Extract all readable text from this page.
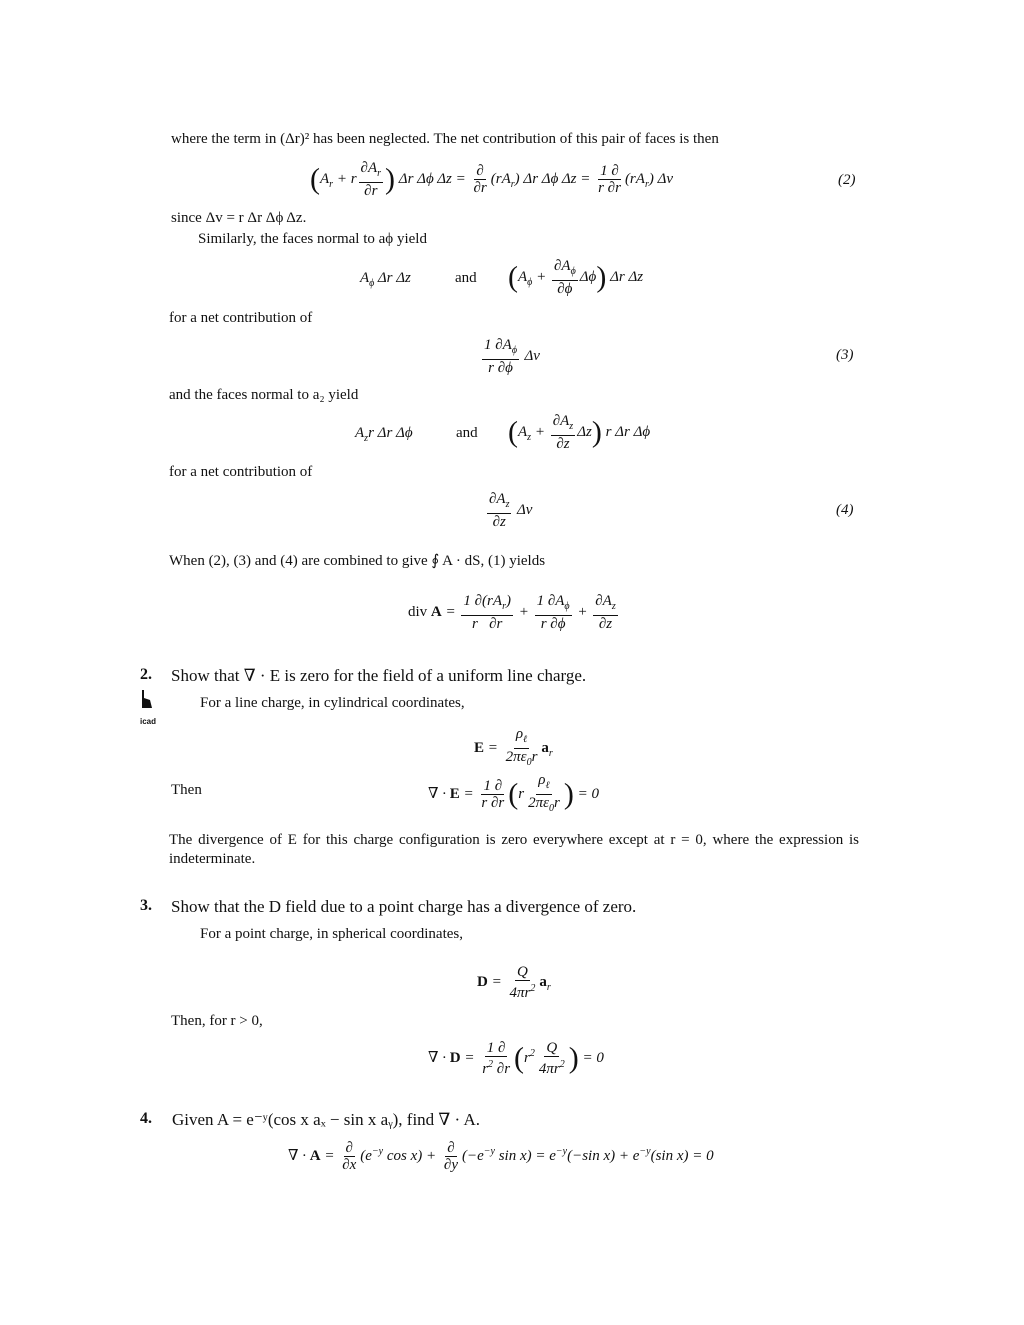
where the term in (Δr)² has been neglected. The net contribution of this pair of faces is then
($A_r + r \frac{\partial A_r}{\partial r}$ ) Δr Δϕ $\Delta z = \frac{\partial}{\partial r} (rA_r)$ Δr Δϕ $\Delta z = \frac{1 \partial}{r \partial r} (rA_r)$ Δv	(2)
since Δv = r Δr Δϕ Δz.
Similarly, the faces normal to aϕ yield
$A_\phi$ Δr Δz	and $(A_\phi + \frac{\partial A_\phi}{\partial\phi} \Delta\phi)$ Δr Δz
for a net contribution of
$\frac{1 \partial A_\phi}{r \partial\phi}$ Δv	(3)
and the faces normal to a₂ yield
$A_zr$ Δr Δϕ	and $(A_z + \frac{\partial A_z}{\partial z} \Delta z)$ r Δr Δϕ
for a net contribution of
$\frac{\partial A_z}{\partial z}$ Δv	(4)
When (2), (3) and (4) are combined to give ∮ A · dS, (1) yields
div $A = \frac{1 \partial(rA_r)}{r \partial r} + \frac{1 \partial A_\phi}{r \partial\phi} + \frac{\partial A_z}{\partial z}$
2. Show that ∇ · E is zero for the field of a uniform line charge.
icad
For a line charge, in cylindrical coordinates,
$E = \frac{\rho_\ell}{2\pi\varepsilon_0r} a_r$
Then	∇ · $E = \frac{1 \partial}{r \partial r} (r \frac{\rho_\ell}{2\pi\varepsilon_0r}$ ) = 0
The divergence of E for this charge configuration is zero everywhere except at r = 0, where the expression is indeterminate.
3. Show that the D field due to a point charge has a divergence of zero.
For a point charge, in spherical coordinates,
$D = \frac{Q}{4\pi r^2} a_r$
Then, for r > 0,
∇ · $D = \frac{1 \partial}{r^2 \partial r} (r^2 \frac{Q}{4\pi r^2}$ ) = 0
4. Given A = e⁻ʸ(cos x aₓ − sin x aᵧ), find ∇ · A.
∇ · $A = \frac{\partial}{\partial x} (e^{-y}$ $\cos x) + \frac{\partial}{\partial y} (-e^{-y}$ $\sin x) = e^{-y}(-\sin$ $x) + e^{-y}(\sin$ x) = 0
